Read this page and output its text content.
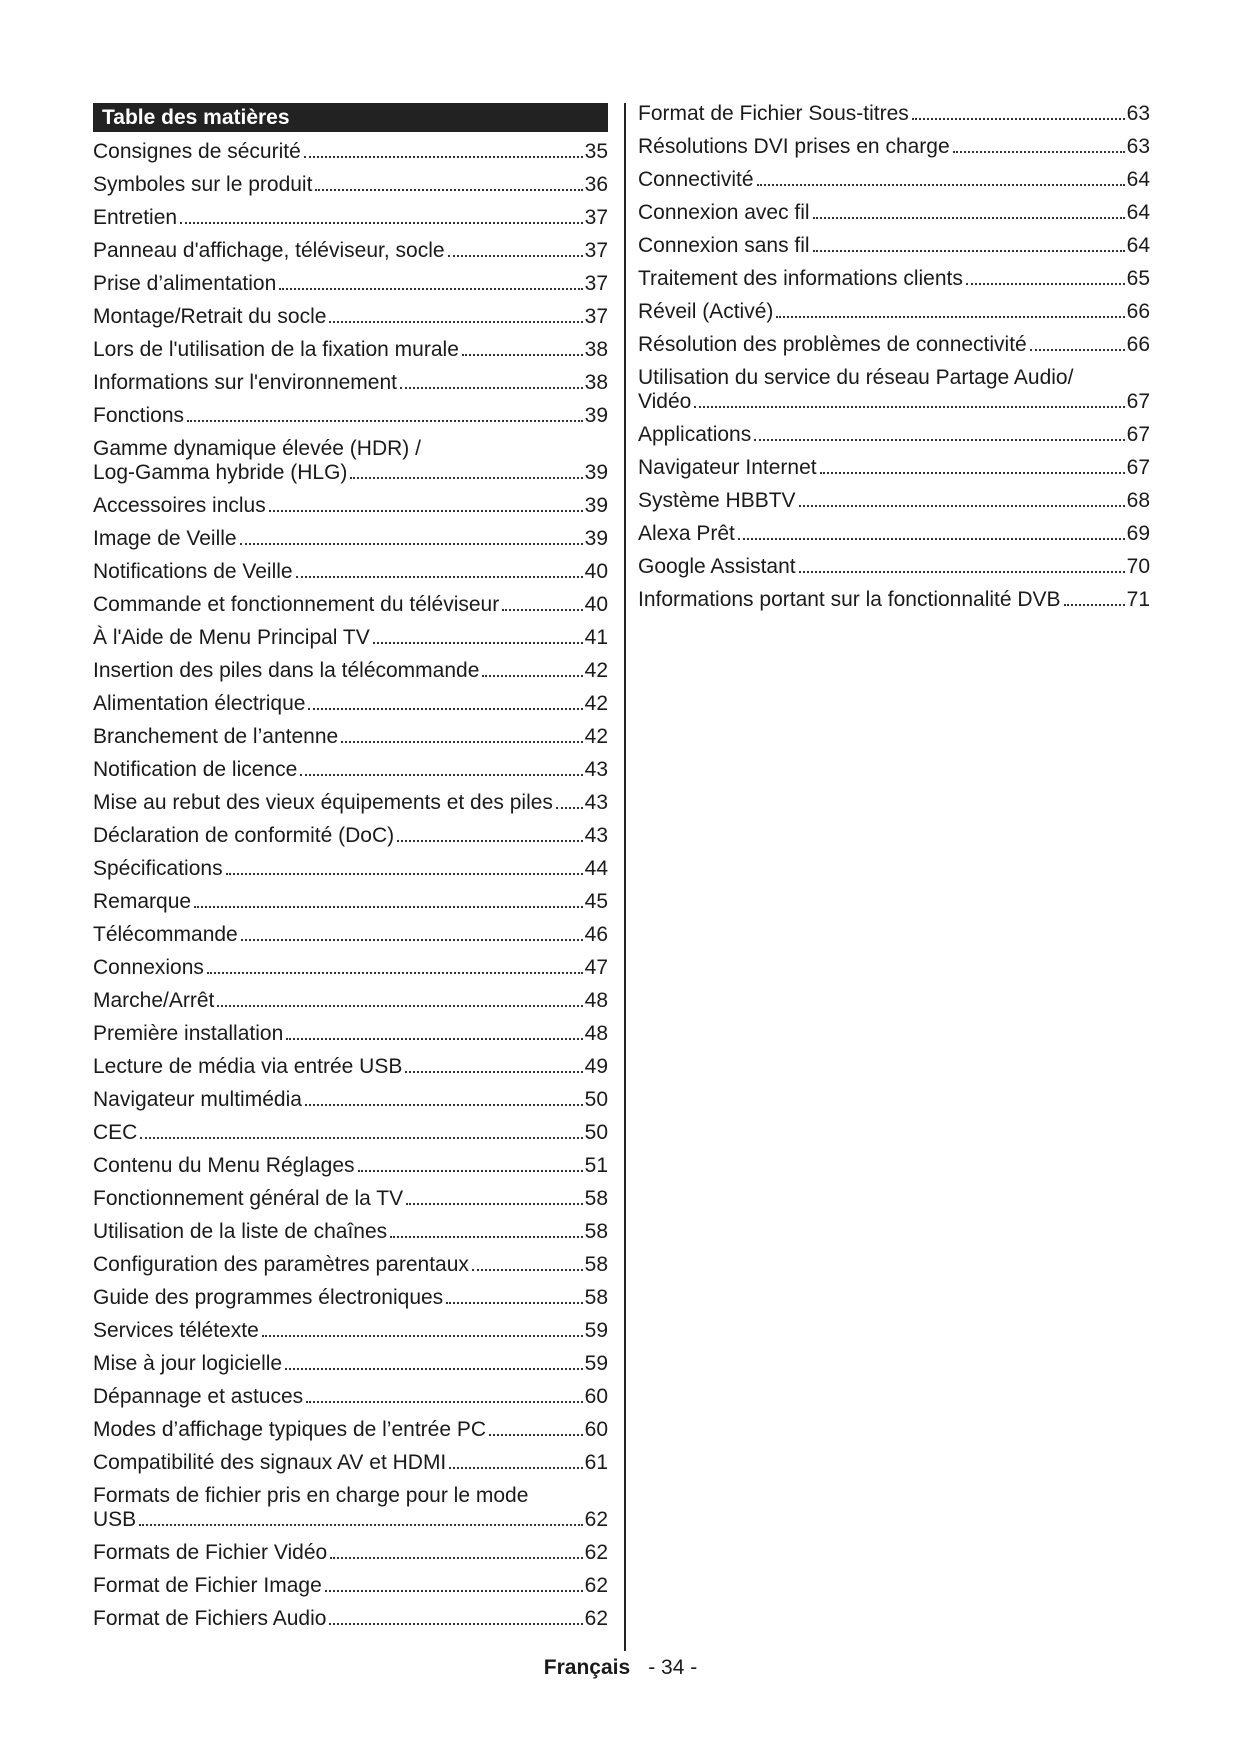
Table des matières
Consignes de sécurité	35
Symboles sur le produit	36
Entretien	37
Panneau d'affichage, téléviseur, socle	37
Prise d’alimentation	37
Montage/Retrait du socle	37
Lors de l'utilisation de la fixation murale	38
Informations sur l'environnement	38
Fonctions	39
Gamme dynamique élevée (HDR) /
Log-Gamma hybride (HLG)	39
Accessoires inclus	39
Image de Veille	39
Notifications de Veille	40
Commande et fonctionnement du téléviseur	40
À l'Aide de Menu Principal TV	41
Insertion des piles dans la télécommande	42
Alimentation électrique	42
Branchement de l’antenne	42
Notification de licence	43
Mise au rebut des vieux équipements et des piles 43
Déclaration de conformité (DoC)	43
Spécifications	44
Remarque	45
Télécommande	46
Connexions	47
Marche/Arrêt	48
Première installation	48
Lecture de média via entrée USB	49
Navigateur multimédia	50
CEC	50
Contenu du Menu Réglages	51
Fonctionnement général de la TV	58
Utilisation de la liste de chaînes	58
Configuration des paramètres parentaux	58
Guide des programmes électroniques	58
Services télétexte	59
Mise à jour logicielle	59
Dépannage et astuces	60
Modes d’affichage typiques de l’entrée PC	60
Compatibilité des signaux AV et HDMI	61
Formats de fichier pris en charge pour le mode
USB	62
Formats de Fichier Vidéo	62
Format de Fichier Image	62
Format de Fichiers Audio	62
Format de Fichier Sous-titres	63
Résolutions DVI prises en charge	63
Connectivité	64
Connexion avec fil	64
Connexion sans fil	64
Traitement des informations clients	65
Réveil (Activé)	66
Résolution des problèmes de connectivité	66
Utilisation du service du réseau Partage Audio/
Vidéo	67
Applications	67
Navigateur Internet	67
Système HBBTV	68
Alexa Prêt	69
Google Assistant	70
Informations portant sur la fonctionnalité DVB	71
Français - 34 -
